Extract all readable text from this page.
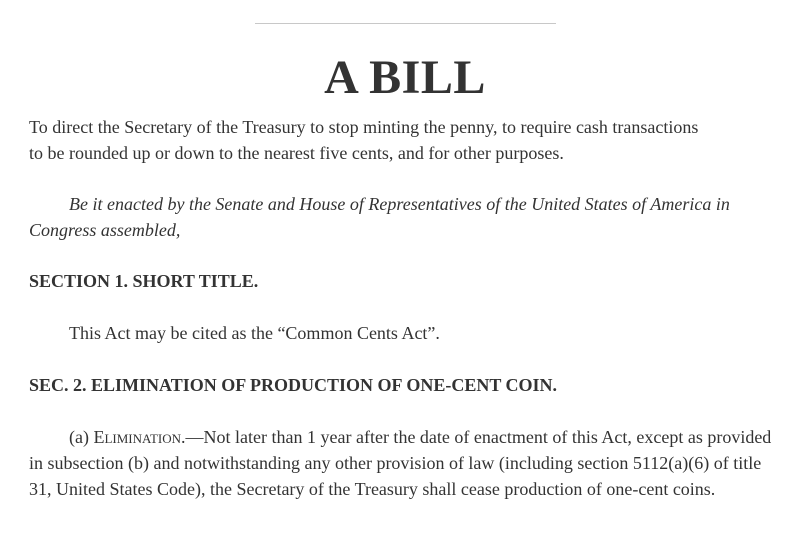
A BILL
To direct the Secretary of the Treasury to stop minting the penny, to require cash transactions
to be rounded up or down to the nearest five cents, and for other purposes.
Be it enacted by the Senate and House of Representatives of the United States of America in Congress assembled,
SECTION 1. SHORT TITLE.
This Act may be cited as the “Common Cents Act”.
SEC. 2. ELIMINATION OF PRODUCTION OF ONE-CENT COIN.
(a) Elimination.—Not later than 1 year after the date of enactment of this Act, except as provided in subsection (b) and notwithstanding any other provision of law (including section 5112(a)(6) of title 31, United States Code), the Secretary of the Treasury shall cease production of one-cent coins.
